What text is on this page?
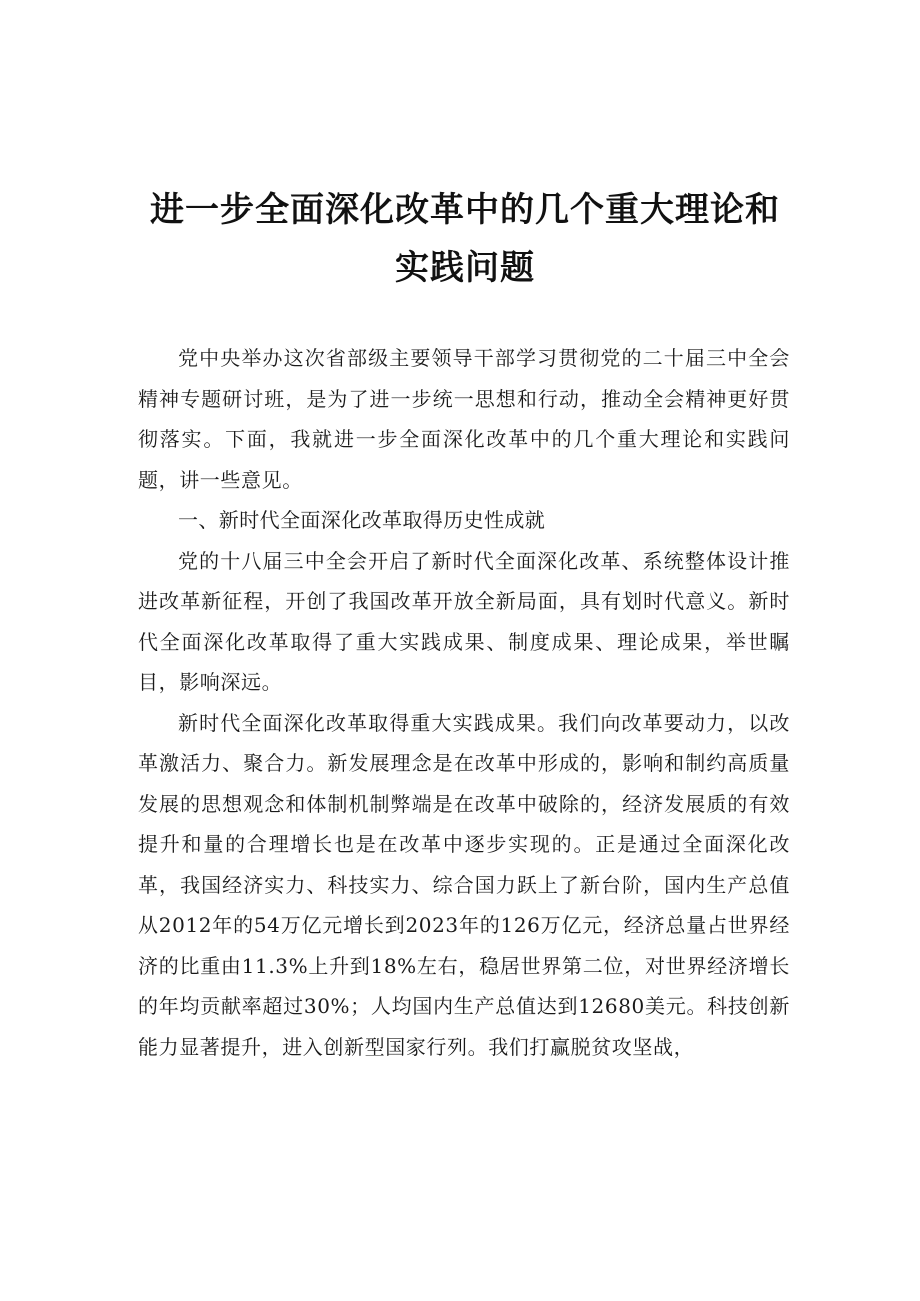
进一步全面深化改革中的几个重大理论和
实践问题

党中央举办这次省部级主要领导干部学习贯彻党的二十届三中全会精神专题研讨班，是为了进一步统一思想和行动，推动全会精神更好贯彻落实。下面，我就进一步全面深化改革中的几个重大理论和实践问题，讲一些意见。

一、新时代全面深化改革取得历史性成就

党的十八届三中全会开启了新时代全面深化改革、系统整体设计推进改革新征程，开创了我国改革开放全新局面，具有划时代意义。新时代全面深化改革取得了重大实践成果、制度成果、理论成果，举世瞩目，影响深远。

新时代全面深化改革取得重大实践成果。我们向改革要动力，以改革激活力、聚合力。新发展理念是在改革中形成的，影响和制约高质量发展的思想观念和体制机制弊端是在改革中破除的，经济发展质的有效提升和量的合理增长也是在改革中逐步实现的。正是通过全面深化改革，我国经济实力、科技实力、综合国力跃上了新台阶，国内生产总值从2012年的54万亿元增长到2023年的126万亿元，经济总量占世界经济的比重由11.3%上升到18%左右，稳居世界第二位，对世界经济增长的年均贡献率超过30%；人均国内生产总值达到12680美元。科技创新能力显著提升，进入创新型国家行列。我们打赢脱贫攻坚战，
